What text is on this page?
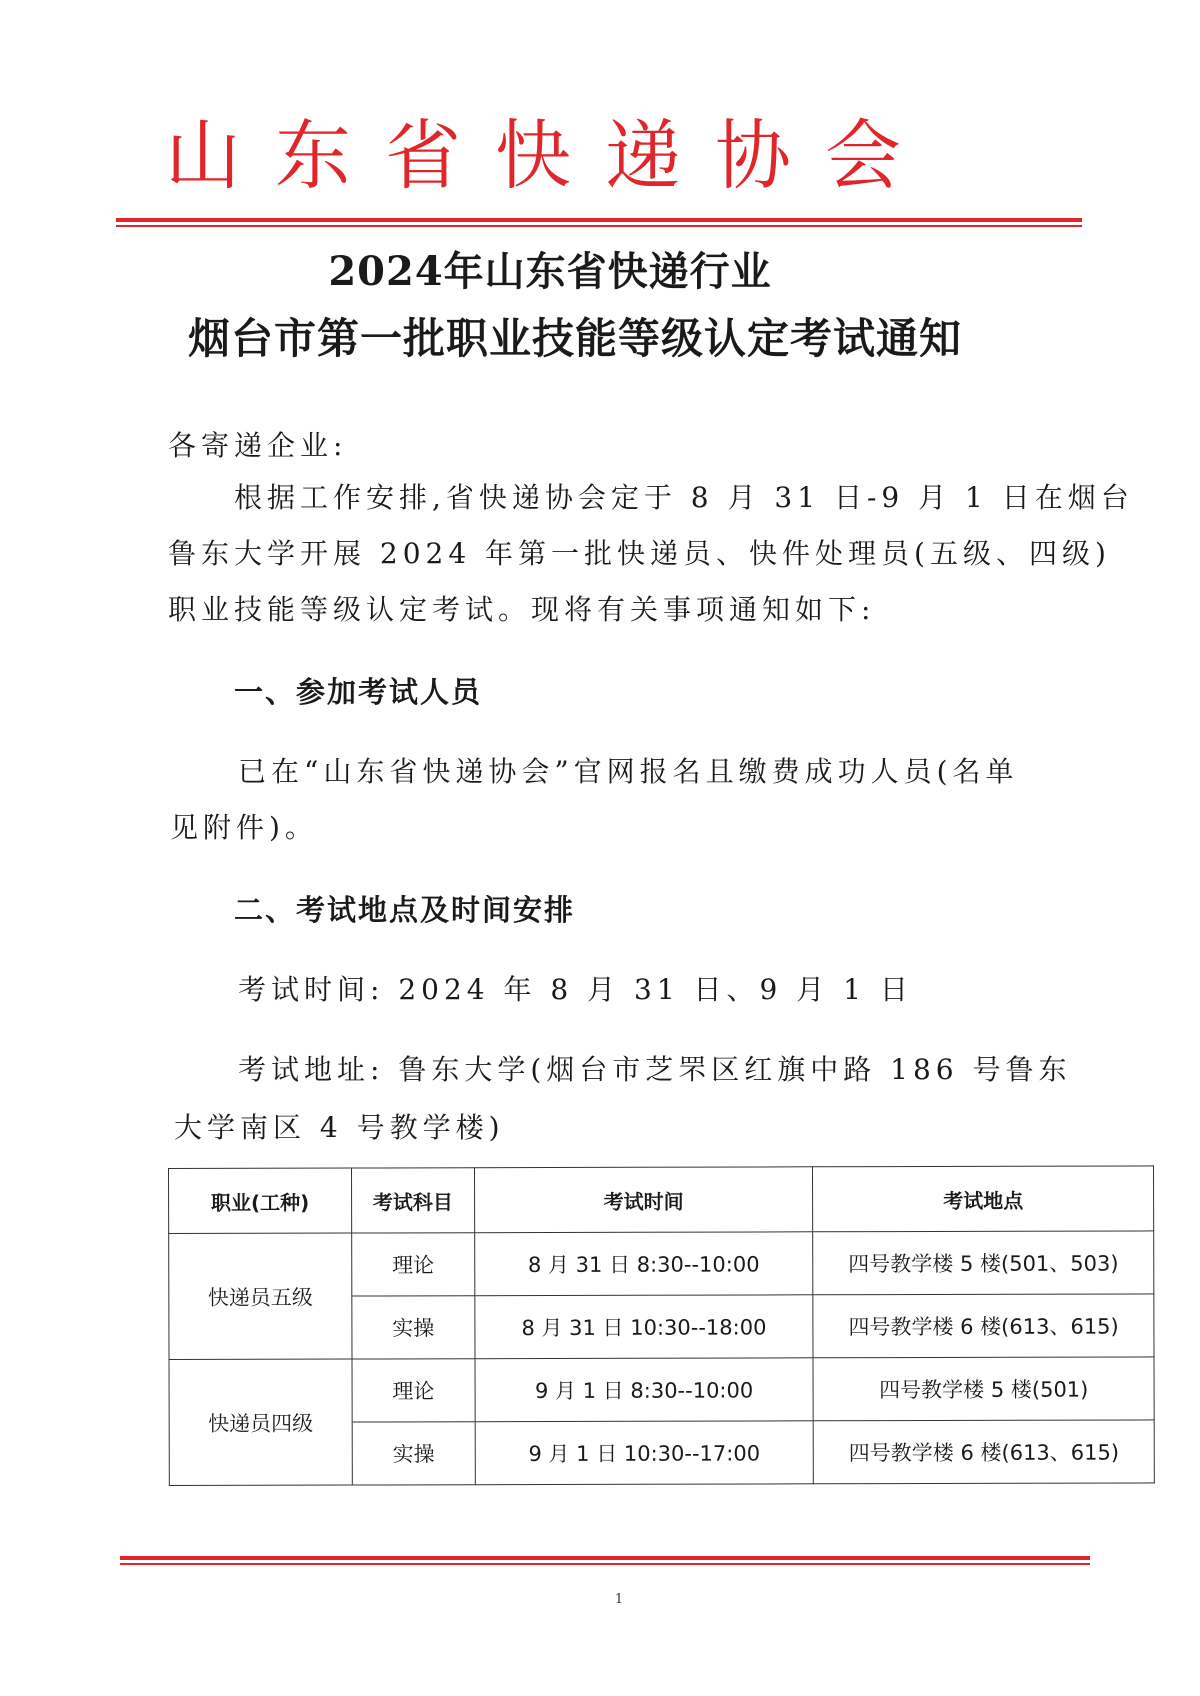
山东省快递协会
2024年山东省快递行业
烟台市第一批职业技能等级认定考试通知
各寄递企业:
根据工作安排,省快递协会定于 8 月 31 日-9 月 1 日在烟台
鲁东大学开展 2024 年第一批快递员、快件处理员(五级、四级)
职业技能等级认定考试。现将有关事项通知如下:
一、参加考试人员
已在“山东省快递协会”官网报名且缴费成功人员(名单
见附件)。
二、考试地点及时间安排
考试时间: 2024 年 8 月 31 日、9 月 1 日
考试地址: 鲁东大学(烟台市芝罘区红旗中路 186 号鲁东
大学南区 4 号教学楼)
职业(工种)	考试科目	考试时间	考试地点
快递员五级	理论	8 月 31 日 8:30--10:00	四号教学楼 5 楼(501、503)
	实操	8 月 31 日 10:30--18:00	四号教学楼 6 楼(613、615)
快递员四级	理论	9 月 1 日 8:30--10:00	四号教学楼 5 楼(501)
	实操	9 月 1 日 10:30--17:00	四号教学楼 6 楼(613、615)
1
